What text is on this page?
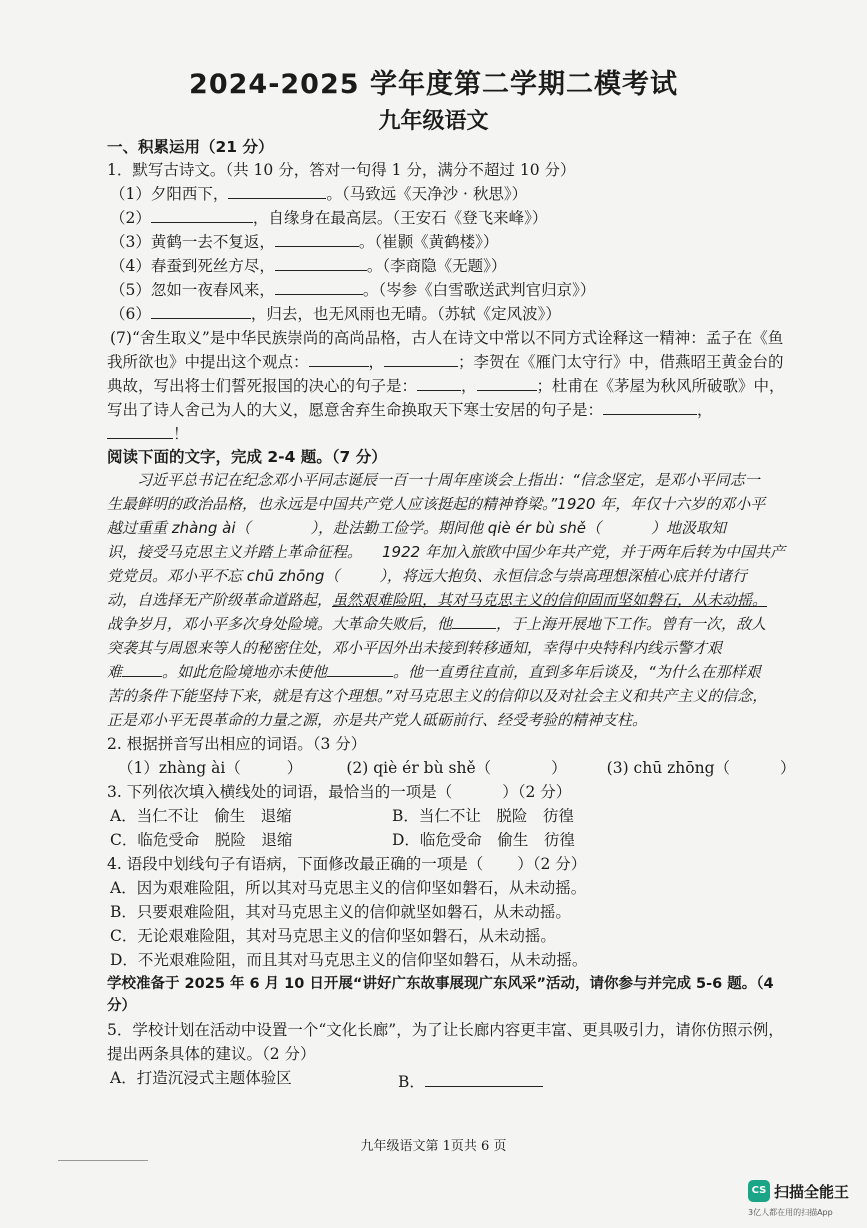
2024-2025 学年度第二学期二模考试
九年级语文
一、积累运用（21 分）
1．默写古诗文。（共 10 分，答对一句得 1 分，满分不超过 10 分）
（1）夕阳西下，	。（马致远《天净沙 · 秋思》）
（2）	，自缘身在最高层。（王安石《登飞来峰》）
（3）黄鹤一去不复返，	。（崔颢《黄鹤楼》）
（4）春蚕到死丝方尽，	。（李商隐《无题》）
（5）忽如一夜春风来，	。（岑参《白雪歌送武判官归京》）
（6）	，归去，也无风雨也无晴。（苏轼《定风波》）
(7)“舍生取义”是中华民族崇尚的高尚品格，古人在诗文中常以不同方式诠释这一精神：孟子在《鱼
我所欲也》中提出这个观点：	，	；李贺在《雁门太守行》中，借燕昭王黄金台的
典故，写出将士们誓死报国的决心的句子是：	，	；杜甫在《茅屋为秋风所破歌》中，
写出了诗人舍己为人的大义，愿意舍弃生命换取天下寒士安居的句子是：	，
！
阅读下面的文字，完成 2-4 题。（7 分）
习近平总书记在纪念邓小平同志诞辰一百一十周年座谈会上指出：“信念坚定，是邓小平同志一
生最鲜明的政治品格，也永远是中国共产党人应该挺起的精神脊梁。”1920 年，年仅十六岁的邓小平
越过重重 zhàng ài（	），赴法勤工俭学。期间他 qiè ér bù shě（	）地汲取知
识，接受马克思主义并踏上革命征程。 1922 年加入旅欧中国少年共产党，并于两年后转为中国共产
党党员。邓小平不忘 chū zhōng（	），将远大抱负、永恒信念与崇高理想深植心底并付诸行
动，自选择无产阶级革命道路起，虽然艰难险阻，其对马克思主义的信仰固而坚如磐石，从未动摇。
战争岁月，邓小平多次身处险境。大革命失败后，他	，于上海开展地下工作。曾有一次，敌人
突袭其与周恩来等人的秘密住处，邓小平因外出未接到转移通知，幸得中央特科内线示警才艰
难	。如此危险境地亦未使他	。他一直勇往直前，直到多年后谈及，“为什么在那样艰
苦的条件下能坚持下来，就是有这个理想。”对马克思主义的信仰以及对社会主义和共产主义的信念，
正是邓小平无畏革命的力量之源，亦是共产党人砥砺前行、经受考验的精神支柱。
2. 根据拼音写出相应的词语。（3 分）
（1）zhàng ài（	）	(2) qiè ér bù shě（	）	(3) chū zhōng（	）
3. 下列依次填入横线处的词语，最恰当的一项是（	）（2 分）
A．当仁不让　偷生　退缩	B．当仁不让　脱险　彷徨
C．临危受命　脱险　退缩	D．临危受命　偷生　彷徨
4. 语段中划线句子有语病，下面修改最正确的一项是（ ）（2 分）
A．因为艰难险阻，所以其对马克思主义的信仰坚如磐石，从未动摇。
B．只要艰难险阻，其对马克思主义的信仰就坚如磐石，从未动摇。
C．无论艰难险阻，其对马克思主义的信仰坚如磐石，从未动摇。
D．不光艰难险阻，而且其对马克思主义的信仰坚如磐石，从未动摇。
学校准备于 2025 年 6 月 10 日开展“讲好广东故事展现广东风采”活动，请你参与并完成 5-6 题。（4
分）
5．学校计划在活动中设置一个“文化长廊”，为了让长廊内容更丰富、更具吸引力，请你仿照示例，
提出两条具体的建议。（2 分）
A．打造沉浸式主题体验区	B．
九年级语文第 1页共 6 页
CS 扫描全能王
3亿人都在用的扫描App
